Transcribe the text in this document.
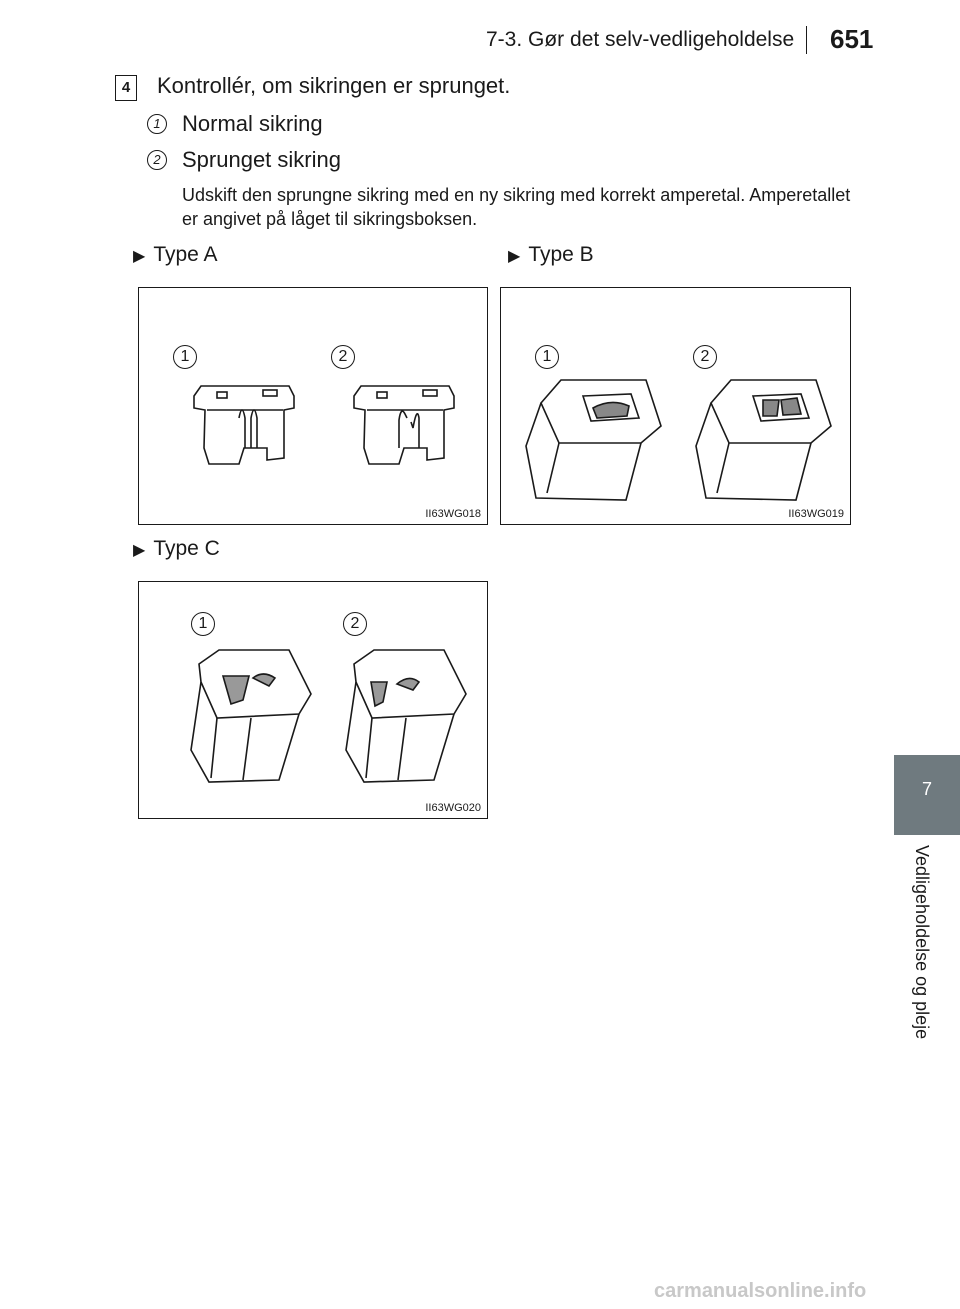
7-3. Gør det selv-vedligeholdelse 651
7
Vedligeholdelse og pleje
4	Kontrollér, om sikringen er sprunget.
1 Normal sikring
2 Sprunget sikring
Udskift den sprungne sikring med en ny sikring med korrekt amperetal. Amperetallet er angivet på låget til sikringsboksen.
▶ Type A
1	2
II63WG018
▶ Type B
1	2
II63WG019
▶ Type C
1	2
II63WG020
carmanualsonline.info
